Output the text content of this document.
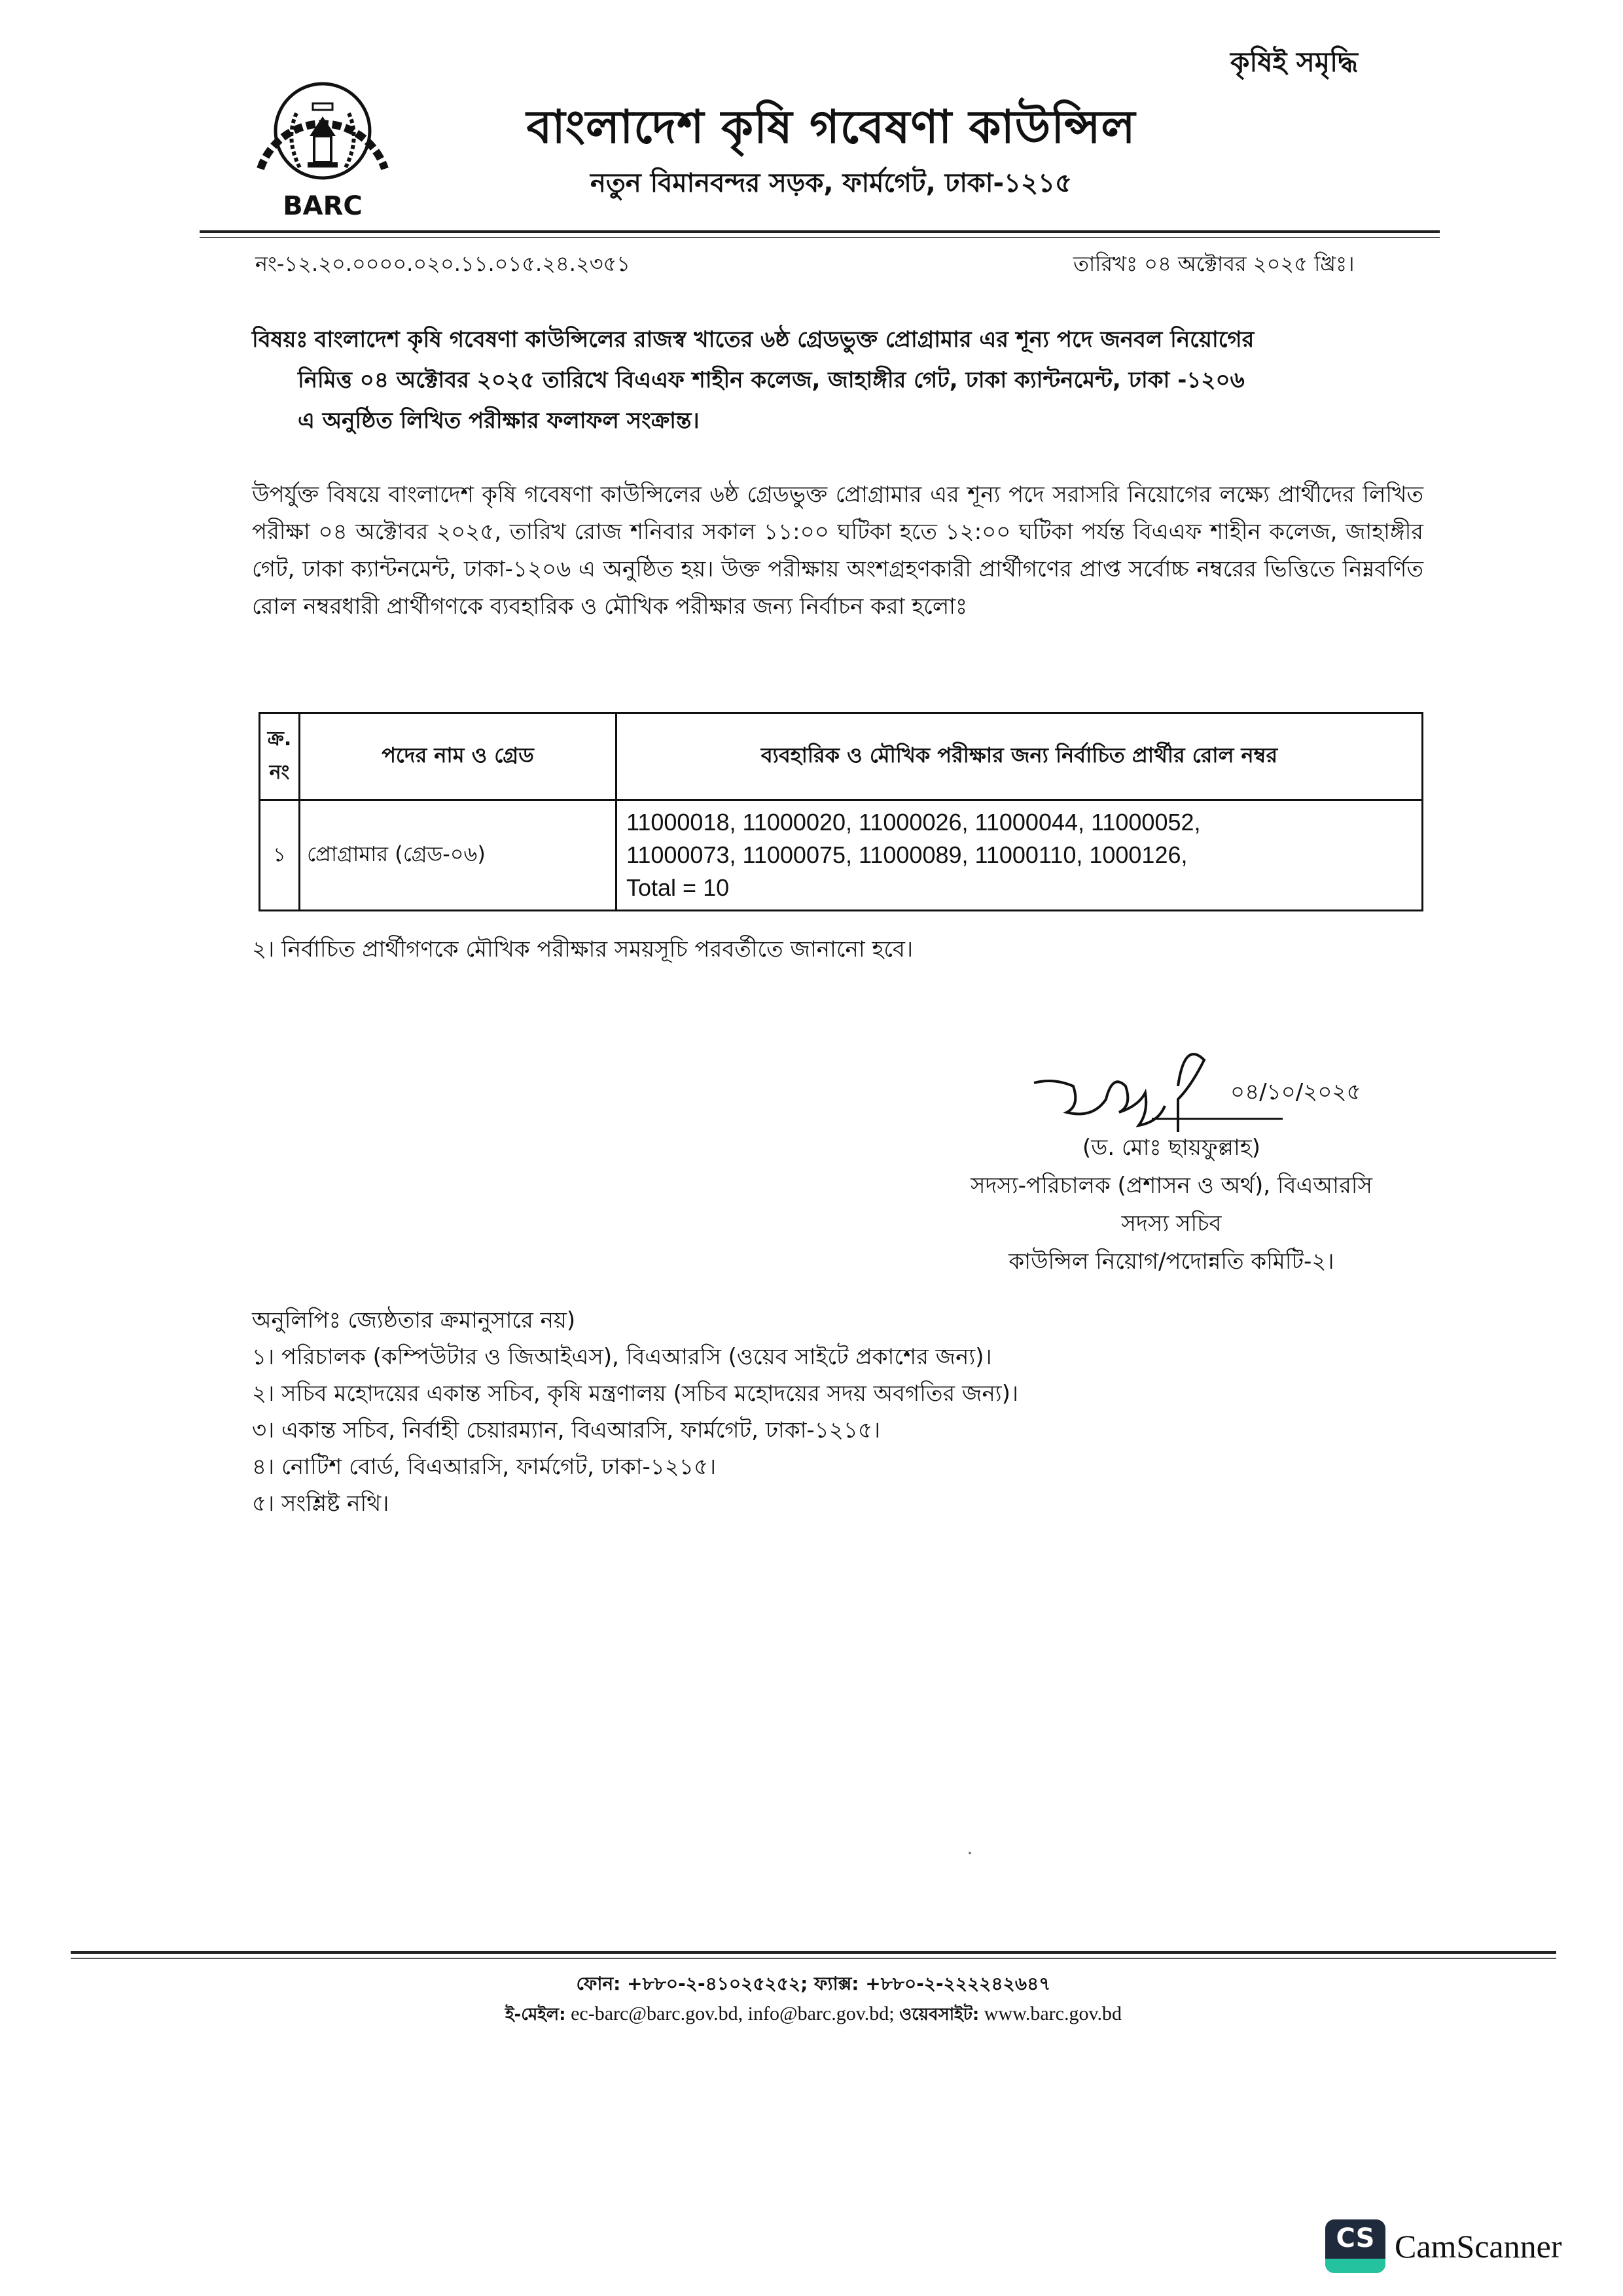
কৃষিই সমৃদ্ধি
BARC
বাংলাদেশ কৃষি গবেষণা কাউন্সিল
নতুন বিমানবন্দর সড়ক, ফার্মগেট, ঢাকা-১২১৫
নং-১২.২০.০০০০.০২০.১১.০১৫.২৪.২৩৫১	তারিখঃ ০৪ অক্টোবর ২০২৫ খ্রিঃ।
বিষয়ঃ বাংলাদেশ কৃষি গবেষণা কাউন্সিলের রাজস্ব খাতের ৬ষ্ঠ গ্রেডভুক্ত প্রোগ্রামার এর শূন্য পদে জনবল নিয়োগের
নিমিত্ত ০৪ অক্টোবর ২০২৫ তারিখে বিএএফ শাহীন কলেজ, জাহাঙ্গীর গেট, ঢাকা ক্যান্টনমেন্ট, ঢাকা -১২০৬
এ অনুষ্ঠিত লিখিত পরীক্ষার ফলাফল সংক্রান্ত।
উপর্যুক্ত বিষয়ে বাংলাদেশ কৃষি গবেষণা কাউন্সিলের ৬ষ্ঠ গ্রেডভুক্ত প্রোগ্রামার এর শূন্য পদে সরাসরি নিয়োগের লক্ষ্যে প্রার্থীদের লিখিত পরীক্ষা ০৪ অক্টোবর ২০২৫, তারিখ রোজ শনিবার সকাল ১১:০০ ঘটিকা হতে ১২:০০ ঘটিকা পর্যন্ত বিএএফ শাহীন কলেজ, জাহাঙ্গীর গেট, ঢাকা ক্যান্টনমেন্ট, ঢাকা-১২০৬ এ অনুষ্ঠিত হয়। উক্ত পরীক্ষায় অংশগ্রহণকারী প্রার্থীগণের প্রাপ্ত সর্বোচ্চ নম্বরের ভিত্তিতে নিম্নবর্ণিত রোল নম্বরধারী প্রার্থীগণকে ব্যবহারিক ও মৌখিক পরীক্ষার জন্য নির্বাচন করা হলোঃ
ক্র. নং	পদের নাম ও গ্রেড	ব্যবহারিক ও মৌখিক পরীক্ষার জন্য নির্বাচিত প্রার্থীর রোল নম্বর
১	প্রোগ্রামার (গ্রেড-০৬)	11000018, 11000020, 11000026, 11000044, 11000052,
11000073, 11000075, 11000089, 11000110, 1000126,
Total = 10
২। নির্বাচিত প্রার্থীগণকে মৌখিক পরীক্ষার সময়সূচি পরবর্তীতে জানানো হবে।
০৪/১০/২০২৫
(ড. মোঃ ছায়ফুল্লাহ)
সদস্য-পরিচালক (প্রশাসন ও অর্থ), বিএআরসি
সদস্য সচিব
কাউন্সিল নিয়োগ/পদোন্নতি কমিটি-২।
অনুলিপিঃ জ্যেষ্ঠতার ক্রমানুসারে নয়)
১। পরিচালক (কম্পিউটার ও জিআইএস), বিএআরসি (ওয়েব সাইটে প্রকাশের জন্য)।
২। সচিব মহোদয়ের একান্ত সচিব, কৃষি মন্ত্রণালয় (সচিব মহোদয়ের সদয় অবগতির জন্য)।
৩। একান্ত সচিব, নির্বাহী চেয়ারম্যান, বিএআরসি, ফার্মগেট, ঢাকা-১২১৫।
৪। নোটিশ বোর্ড, বিএআরসি, ফার্মগেট, ঢাকা-১২১৫।
৫। সংশ্লিষ্ট নথি।
ফোন: +৮৮০-২-৪১০২৫২৫২; ফ্যাক্স: +৮৮০-২-২২২২৪২৬৪৭
ই-মেইল: ec-barc@barc.gov.bd, info@barc.gov.bd; ওয়েবসাইট: www.barc.gov.bd
CS CamScanner
